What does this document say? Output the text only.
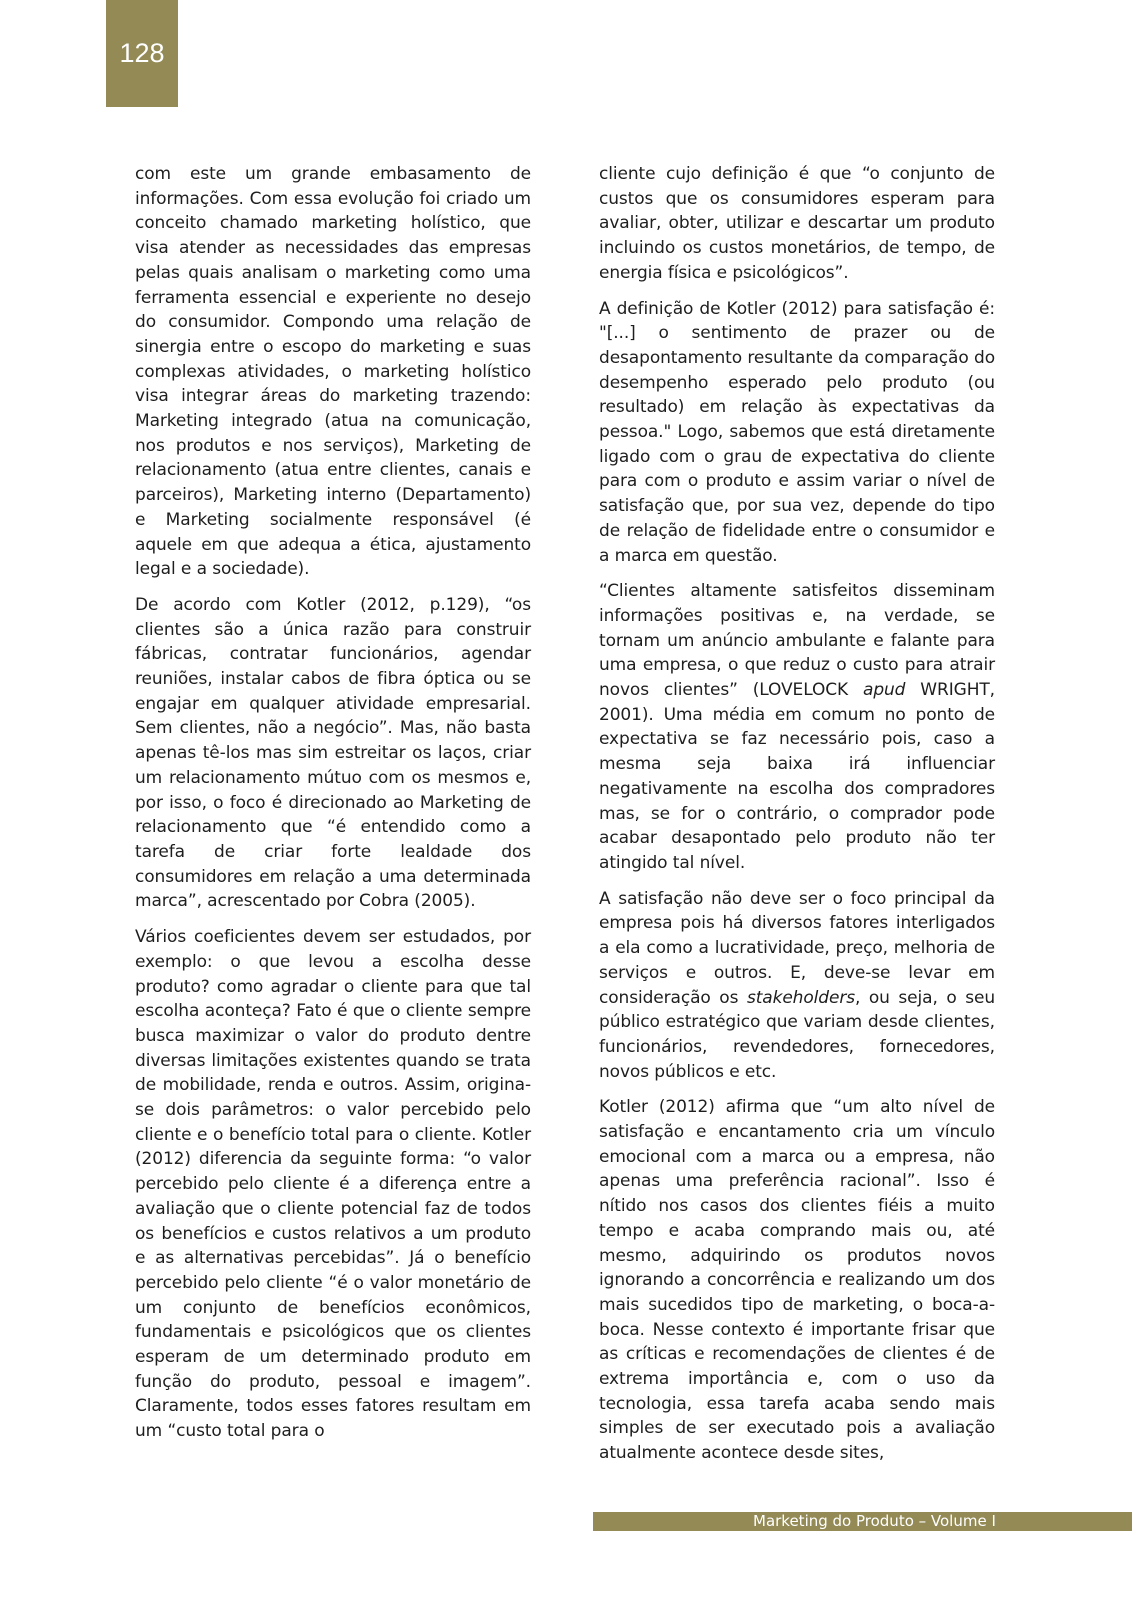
128

com este um grande embasamento de informações. Com essa evolução foi criado um conceito chamado marketing holístico, que visa atender as necessidades das empresas pelas quais analisam o marketing como uma ferramenta essencial e experiente no desejo do consumidor. Compondo uma relação de sinergia entre o escopo do marketing e suas complexas atividades, o marketing holístico visa integrar áreas do marketing trazendo: Marketing integrado (atua na comunicação, nos produtos e nos serviços), Marketing de relacionamento (atua entre clientes, canais e parceiros), Marketing interno (Departamento) e Marketing socialmente responsável (é aquele em que adequa a ética, ajustamento legal e a sociedade).

De acordo com Kotler (2012, p.129), “os clientes são a única razão para construir fábricas, contratar funcionários, agendar reuniões, instalar cabos de fibra óptica ou se engajar em qualquer atividade empresarial. Sem clientes, não a negócio”. Mas, não basta apenas tê-los mas sim estreitar os laços, criar um relacionamento mútuo com os mesmos e, por isso, o foco é direcionado ao Marketing de relacionamento que “é entendido como a tarefa de criar forte lealdade dos consumidores em relação a uma determinada marca”, acrescentado por Cobra (2005).

Vários coeficientes devem ser estudados, por exemplo: o que levou a escolha desse produto? como agradar o cliente para que tal escolha aconteça? Fato é que o cliente sempre busca maximizar o valor do produto dentre diversas limitações existentes quando se trata de mobilidade, renda e outros. Assim, origina-se dois parâmetros: o valor percebido pelo cliente e o benefício total para o cliente. Kotler (2012) diferencia da seguinte forma: “o valor percebido pelo cliente é a diferença entre a avaliação que o cliente potencial faz de todos os benefícios e custos relativos a um produto e as alternativas percebidas”. Já o benefício percebido pelo cliente “é o valor monetário de um conjunto de benefícios econômicos, fundamentais e psicológicos que os clientes esperam de um determinado produto em função do produto, pessoal e imagem”. Claramente, todos esses fatores resultam em um “custo total para o

cliente cujo definição é que “o conjunto de custos que os consumidores esperam para avaliar, obter, utilizar e descartar um produto incluindo os custos monetários, de tempo, de energia física e psicológicos”.

A definição de Kotler (2012) para satisfação é: "[...] o sentimento de prazer ou de desapontamento resultante da comparação do desempenho esperado pelo produto (ou resultado) em relação às expectativas da pessoa." Logo, sabemos que está diretamente ligado com o grau de expectativa do cliente para com o produto e assim variar o nível de satisfação que, por sua vez, depende do tipo de relação de fidelidade entre o consumidor e a marca em questão.

“Clientes altamente satisfeitos disseminam informações positivas e, na verdade, se tornam um anúncio ambulante e falante para uma empresa, o que reduz o custo para atrair novos clientes” (LOVELOCK apud WRIGHT, 2001). Uma média em comum no ponto de expectativa se faz necessário pois, caso a mesma seja baixa irá influenciar negativamente na escolha dos compradores mas, se for o contrário, o comprador pode acabar desapontado pelo produto não ter atingido tal nível.

A satisfação não deve ser o foco principal da empresa pois há diversos fatores interligados a ela como a lucratividade, preço, melhoria de serviços e outros. E, deve-se levar em consideração os stakeholders, ou seja, o seu público estratégico que variam desde clientes, funcionários, revendedores, fornecedores, novos públicos e etc.

Kotler (2012) afirma que “um alto nível de satisfação e encantamento cria um vínculo emocional com a marca ou a empresa, não apenas uma preferência racional”. Isso é nítido nos casos dos clientes fiéis a muito tempo e acaba comprando mais ou, até mesmo, adquirindo os produtos novos ignorando a concorrência e realizando um dos mais sucedidos tipo de marketing, o boca-a-boca. Nesse contexto é importante frisar que as críticas e recomendações de clientes é de extrema importância e, com o uso da tecnologia, essa tarefa acaba sendo mais simples de ser executado pois a avaliação atualmente acontece desde sites,

Marketing do Produto – Volume I
